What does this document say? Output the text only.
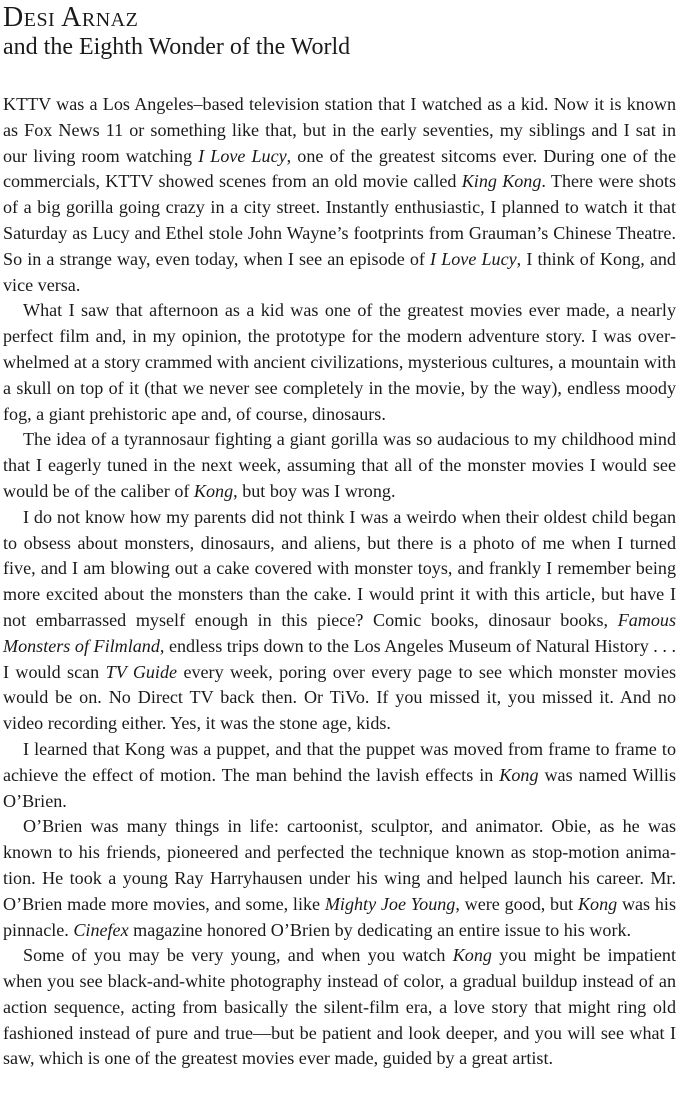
Desi Arnaz
and the Eighth Wonder of the World

KTTV was a Los Angeles–based television station that I watched as a kid. Now it is known as Fox News 11 or something like that, but in the early seventies, my siblings and I sat in our living room watching I Love Lucy, one of the greatest sitcoms ever. During one of the commercials, KTTV showed scenes from an old movie called King Kong. There were shots of a big gorilla going crazy in a city street. Instantly enthusiastic, I planned to watch it that Saturday as Lucy and Ethel stole John Wayne’s footprints from Grauman’s Chinese Theatre. So in a strange way, even today, when I see an episode of I Love Lucy, I think of Kong, and vice versa.

What I saw that afternoon as a kid was one of the greatest movies ever made, a nearly perfect film and, in my opinion, the prototype for the modern adventure story. I was overwhelmed at a story crammed with ancient civilizations, mysterious cultures, a mountain with a skull on top of it (that we never see completely in the movie, by the way), endless moody fog, a giant prehistoric ape and, of course, dinosaurs.

The idea of a tyrannosaur fighting a giant gorilla was so audacious to my childhood mind that I eagerly tuned in the next week, assuming that all of the monster movies I would see would be of the caliber of Kong, but boy was I wrong.

I do not know how my parents did not think I was a weirdo when their oldest child began to obsess about monsters, dinosaurs, and aliens, but there is a photo of me when I turned five, and I am blowing out a cake covered with monster toys, and frankly I remember being more excited about the monsters than the cake. I would print it with this article, but have I not embarrassed myself enough in this piece? Comic books, dinosaur books, Famous Monsters of Filmland, endless trips down to the Los Angeles Museum of Natural History . . . I would scan TV Guide every week, poring over every page to see which monster movies would be on. No Direct TV back then. Or TiVo. If you missed it, you missed it. And no video recording either. Yes, it was the stone age, kids.

I learned that Kong was a puppet, and that the puppet was moved from frame to frame to achieve the effect of motion. The man behind the lavish effects in Kong was named Willis O’Brien.

O’Brien was many things in life: cartoonist, sculptor, and animator. Obie, as he was known to his friends, pioneered and perfected the technique known as stop-motion animation. He took a young Ray Harryhausen under his wing and helped launch his career. Mr. O’Brien made more movies, and some, like Mighty Joe Young, were good, but Kong was his pinnacle. Cinefex magazine honored O’Brien by dedicating an entire issue to his work.

Some of you may be very young, and when you watch Kong you might be impatient when you see black-and-white photography instead of color, a gradual buildup instead of an action sequence, acting from basically the silent-film era, a love story that might ring old fashioned instead of pure and true—but be patient and look deeper, and you will see what I saw, which is one of the greatest movies ever made, guided by a great artist.
